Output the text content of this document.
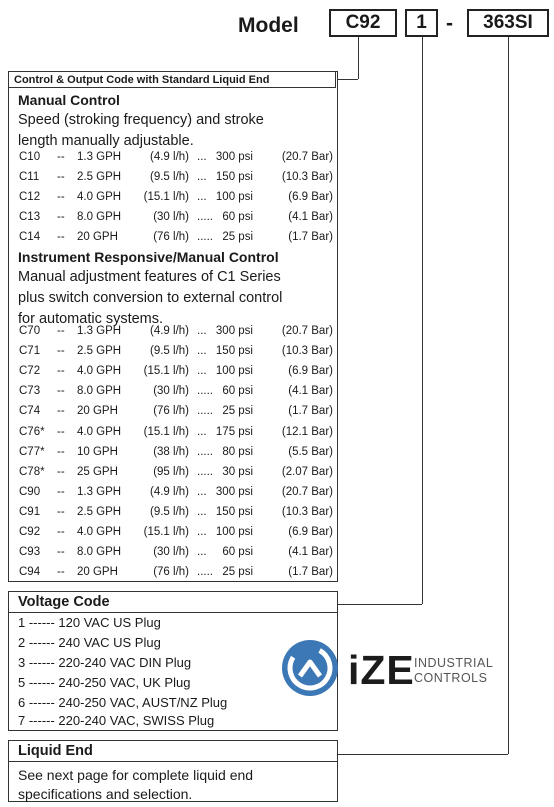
Model	C92	1 -	363SI
Control & Output Code with Standard Liquid End
Manual Control
Speed (stroking frequency) and stroke
length manually adjustable.
C10 -- 1.3 GPH	(4.9 l/h) ... 300 psi	(20.7 Bar)
C11 -- 2.5 GPH	(9.5 l/h) ... 150 psi	(10.3 Bar)
C12 -- 4.0 GPH (15.1 l/h) ... 100 psi	(6.9 Bar)
C13 -- 8.0 GPH	(30 l/h) ..... 60 psi	(4.1 Bar)
C14 -- 20 GPH	(76 l/h) ..... 25 psi	(1.7 Bar)
Instrument Responsive/Manual Control
Manual adjustment features of C1 Series
plus switch conversion to external control
for automatic systems.
C70 -- 1.3 GPH	(4.9 l/h) ... 300 psi	(20.7 Bar)
C71 -- 2.5 GPH	(9.5 l/h) ... 150 psi	(10.3 Bar)
C72 -- 4.0 GPH (15.1 l/h) ... 100 psi	(6.9 Bar)
C73 -- 8.0 GPH	(30 l/h) ..... 60 psi	(4.1 Bar)
C74 -- 20 GPH	(76 l/h) ..... 25 psi	(1.7 Bar)
C76* -- 4.0 GPH (15.1 l/h) ... 175 psi	(12.1 Bar)
C77* -- 10 GPH	(38 l/h) ..... 80 psi	(5.5 Bar)
C78* -- 25 GPH	(95 l/h) ..... 30 psi	(2.07 Bar)
C90 -- 1.3 GPH	(4.9 l/h) ... 300 psi	(20.7 Bar)
C91 -- 2.5 GPH	(9.5 l/h) ... 150 psi	(10.3 Bar)
C92 -- 4.0 GPH (15.1 l/h) ... 100 psi	(6.9 Bar)
C93 -- 8.0 GPH	(30 l/h) ... 60 psi	(4.1 Bar)
C94 -- 20 GPH	(76 l/h) ..... 25 psi	(1.7 Bar)
Voltage Code
1 ------ 120 VAC US Plug
2 ------ 240 VAC US Plug
3 ------ 220-240 VAC DIN Plug
5 ------ 240-250 VAC, UK Plug
6 ------ 240-250 VAC, AUST/NZ Plug
7 ------ 220-240 VAC, SWISS Plug
Liquid End
See next page for complete liquid end
specifications and selection.
iZE INDUSTRIAL
CONTROLS
